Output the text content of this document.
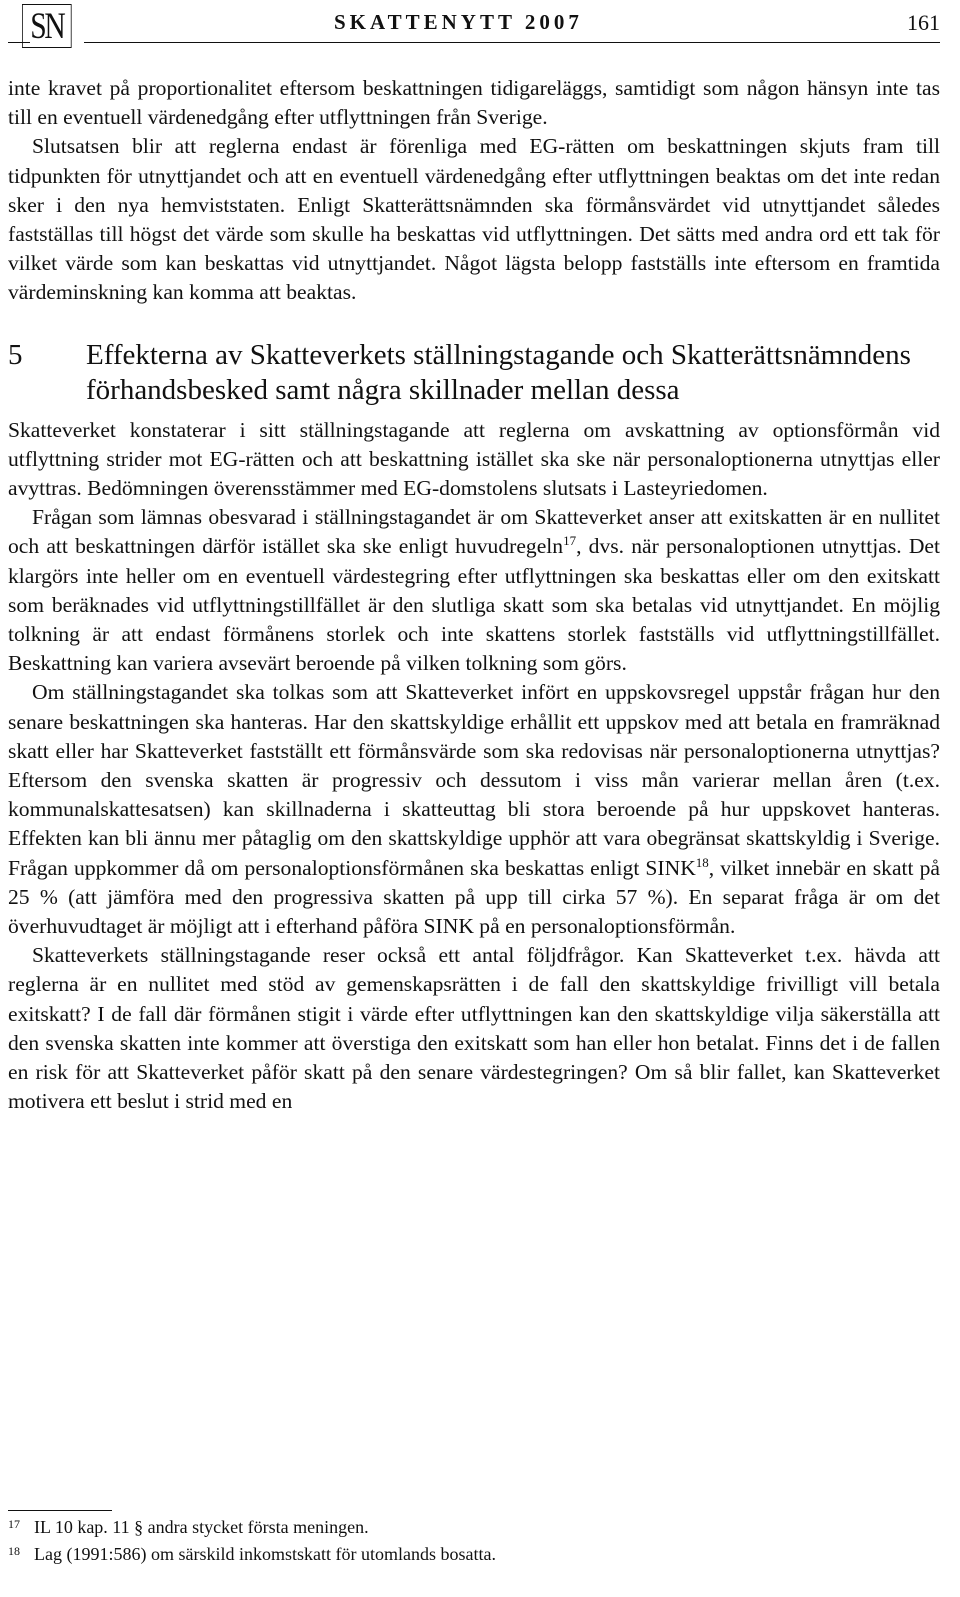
SN	SKATTENYTT 2007	161

inte kravet på proportionalitet eftersom beskattningen tidigareläggs, samtidigt som någon hänsyn inte tas till en eventuell värdenedgång efter utflyttningen från Sverige.

Slutsatsen blir att reglerna endast är förenliga med EG-rätten om beskattningen skjuts fram till tidpunkten för utnyttjandet och att en eventuell värdenedgång efter utflyttningen beaktas om det inte redan sker i den nya hemviststaten. Enligt Skatterättsnämnden ska förmånsvärdet vid utnyttjandet således fastställas till högst det värde som skulle ha beskattas vid utflyttningen. Det sätts med andra ord ett tak för vilket värde som kan beskattas vid utnyttjandet. Något lägsta belopp fastställs inte eftersom en framtida värdeminskning kan komma att beaktas.

5	Effekterna av Skatteverkets ställningstagande och Skatterättsnämndens förhandsbesked samt några skillnader mellan dessa

Skatteverket konstaterar i sitt ställningstagande att reglerna om avskattning av optionsförmån vid utflyttning strider mot EG-rätten och att beskattning istället ska ske när personaloptionerna utnyttjas eller avyttras. Bedömningen överensstämmer med EG-domstolens slutsats i Lasteyriedomen.

Frågan som lämnas obesvarad i ställningstagandet är om Skatteverket anser att exitskatten är en nullitet och att beskattningen därför istället ska ske enligt huvudregeln$^{17}$, dvs. när personaloptionen utnyttjas. Det klargörs inte heller om en eventuell värdestegring efter utflyttningen ska beskattas eller om den exitskatt som beräknades vid utflyttningstillfället är den slutliga skatt som ska betalas vid utnyttjandet. En möjlig tolkning är att endast förmånens storlek och inte skattens storlek fastställs vid utflyttningstillfället. Beskattning kan variera avsevärt beroende på vilken tolkning som görs.

Om ställningstagandet ska tolkas som att Skatteverket infört en uppskovsregel uppstår frågan hur den senare beskattningen ska hanteras. Har den skattskyldige erhållit ett uppskov med att betala en framräknad skatt eller har Skatteverket fastställt ett förmånsvärde som ska redovisas när personaloptionerna utnyttjas? Eftersom den svenska skatten är progressiv och dessutom i viss mån varierar mellan åren (t.ex. kommunalskattesatsen) kan skillnaderna i skatteuttag bli stora beroende på hur uppskovet hanteras. Effekten kan bli ännu mer påtaglig om den skattskyldige upphör att vara obegränsat skattskyldig i Sverige. Frågan uppkommer då om personaloptionsförmånen ska beskattas enligt SINK$^{18}$, vilket innebär en skatt på 25 % (att jämföra med den progressiva skatten på upp till cirka 57 %). En separat fråga är om det överhuvudtaget är möjligt att i efterhand påföra SINK på en personaloptionsförmån.

Skatteverkets ställningstagande reser också ett antal följdfrågor. Kan Skatteverket t.ex. hävda att reglerna är en nullitet med stöd av gemenskapsrätten i de fall den skattskyldige frivilligt vill betala exitskatt? I de fall där förmånen stigit i värde efter utflyttningen kan den skattskyldige vilja säkerställa att den svenska skatten inte kommer att överstiga den exitskatt som han eller hon betalat. Finns det i de fallen en risk för att Skatteverket påför skatt på den senare värdestegringen? Om så blir fallet, kan Skatteverket motivera ett beslut i strid med en

17 IL 10 kap. 11 § andra stycket första meningen.
18 Lag (1991:586) om särskild inkomstskatt för utomlands bosatta.
